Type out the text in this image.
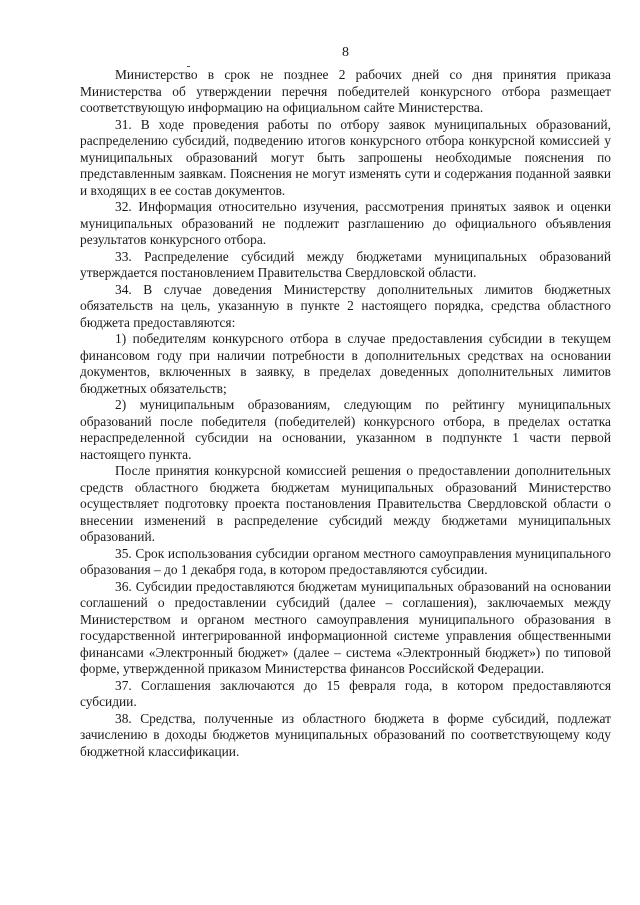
8

Министерство в срок не позднее 2 рабочих дней со дня принятия приказа Министерства об утверждении перечня победителей конкурсного отбора размещает соответствующую информацию на официальном сайте Министерства.

31. В ходе проведения работы по отбору заявок муниципальных образований, распределению субсидий, подведению итогов конкурсного отбора конкурсной комиссией у муниципальных образований могут быть запрошены необходимые пояснения по представленным заявкам. Пояснения не могут изменять сути и содержания поданной заявки и входящих в ее состав документов.

32. Информация относительно изучения, рассмотрения принятых заявок и оценки муниципальных образований не подлежит разглашению до официального объявления результатов конкурсного отбора.

33. Распределение субсидий между бюджетами муниципальных образований утверждается постановлением Правительства Свердловской области.

34. В случае доведения Министерству дополнительных лимитов бюджетных обязательств на цель, указанную в пункте 2 настоящего порядка, средства областного бюджета предоставляются:

1) победителям конкурсного отбора в случае предоставления субсидии в текущем финансовом году при наличии потребности в дополнительных средствах на основании документов, включенных в заявку, в пределах доведенных дополнительных лимитов бюджетных обязательств;

2) муниципальным образованиям, следующим по рейтингу муниципальных образований после победителя (победителей) конкурсного отбора, в пределах остатка нераспределенной субсидии на основании, указанном в подпункте 1 части первой настоящего пункта.

После принятия конкурсной комиссией решения о предоставлении дополнительных средств областного бюджета бюджетам муниципальных образований Министерство осуществляет подготовку проекта постановления Правительства Свердловской области о внесении изменений в распределение субсидий между бюджетами муниципальных образований.

35. Срок использования субсидии органом местного самоуправления муниципального образования – до 1 декабря года, в котором предоставляются субсидии.

36. Субсидии предоставляются бюджетам муниципальных образований на основании соглашений о предоставлении субсидий (далее – соглашения), заключаемых между Министерством и органом местного самоуправления муниципального образования в государственной интегрированной информационной системе управления общественными финансами «Электронный бюджет» (далее – система «Электронный бюджет») по типовой форме, утвержденной приказом Министерства финансов Российской Федерации.

37. Соглашения заключаются до 15 февраля года, в котором предоставляются субсидии.

38. Средства, полученные из областного бюджета в форме субсидий, подлежат зачислению в доходы бюджетов муниципальных образований по соответствующему коду бюджетной классификации.
